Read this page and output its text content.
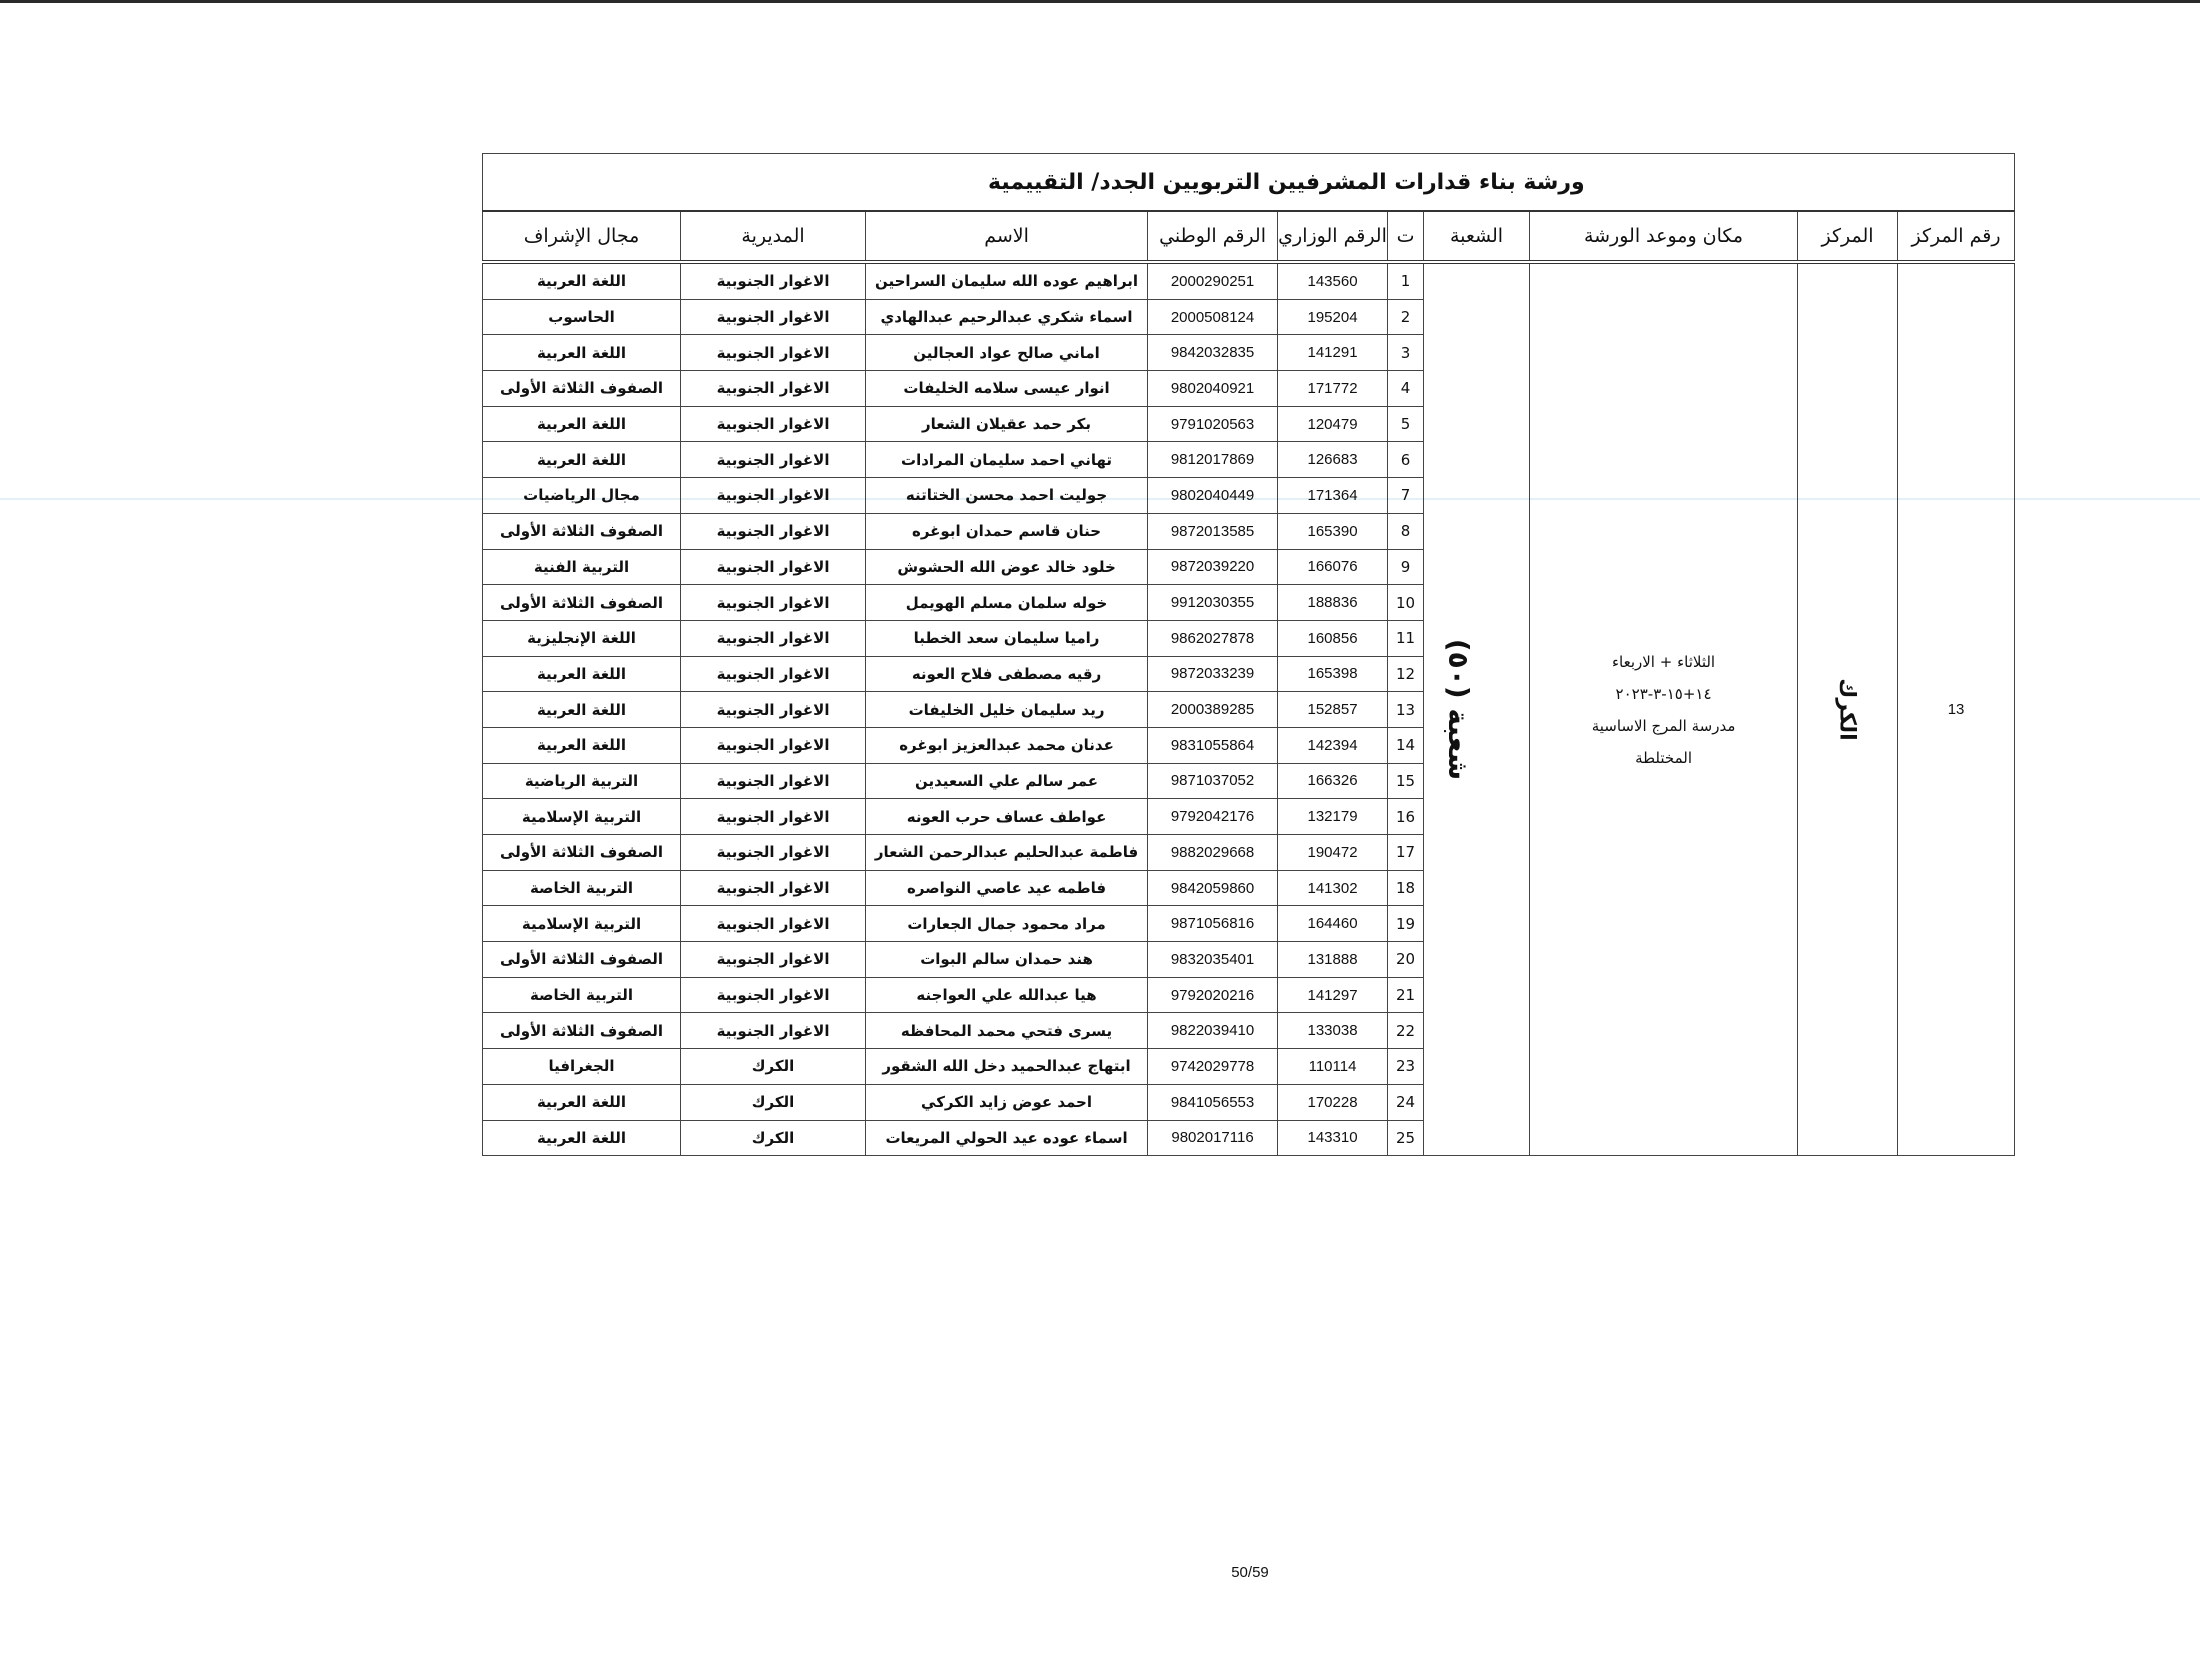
ورشة بناء قدارات المشرفيين التربويين الجدد/ التقييمية									
رقم المركز	المركز	مكان وموعد الورشة	الشعبة	ت	الرقم الوزاري	الرقم الوطني	الاسم	المديرية	مجال الإشراف
13	الكرك	الثلاثاء + الاربعاء
١٤+١٥-٣-٢٠٢٣
مدرسة المرج الاساسية
المختلطة	شعبة (٥٠)	1	143560	2000290251	ابراهيم عوده الله سليمان السراحين	الاغوار الجنوبية	اللغة العربية
				2	195204	2000508124	اسماء شكري عبدالرحيم عبدالهادي	الاغوار الجنوبية	الحاسوب
				3	141291	9842032835	اماني صالح عواد العجالين	الاغوار الجنوبية	اللغة العربية
				4	171772	9802040921	انوار عيسى سلامه الخليفات	الاغوار الجنوبية	الصفوف الثلاثة الأولى
				5	120479	9791020563	بكر حمد عقيلان الشعار	الاغوار الجنوبية	اللغة العربية
				6	126683	9812017869	تهاني احمد سليمان المرادات	الاغوار الجنوبية	اللغة العربية
				7	171364	9802040449	جوليت احمد محسن الختاتنه	الاغوار الجنوبية	مجال الرياضيات
				8	165390	9872013585	حنان قاسم حمدان ابوغره	الاغوار الجنوبية	الصفوف الثلاثة الأولى
				9	166076	9872039220	خلود خالد عوض الله الحشوش	الاغوار الجنوبية	التربية الفنية
				10	188836	9912030355	خوله سلمان مسلم الهويمل	الاغوار الجنوبية	الصفوف الثلاثة الأولى
				11	160856	9862027878	راميا سليمان سعد الخطبا	الاغوار الجنوبية	اللغة الإنجليزية
				12	165398	9872033239	رقيه مصطفى فلاح العونه	الاغوار الجنوبية	اللغة العربية
				13	152857	2000389285	ريد سليمان خليل الخليفات	الاغوار الجنوبية	اللغة العربية
				14	142394	9831055864	عدنان محمد عبدالعزيز ابوغره	الاغوار الجنوبية	اللغة العربية
				15	166326	9871037052	عمر سالم علي السعيدين	الاغوار الجنوبية	التربية الرياضية
				16	132179	9792042176	عواطف عساف حرب العونه	الاغوار الجنوبية	التربية الإسلامية
				17	190472	9882029668	فاطمة عبدالحليم عبدالرحمن الشعار	الاغوار الجنوبية	الصفوف الثلاثة الأولى
				18	141302	9842059860	فاطمه عيد عاصي النواصره	الاغوار الجنوبية	التربية الخاصة
				19	164460	9871056816	مراد محمود جمال الجعارات	الاغوار الجنوبية	التربية الإسلامية
				20	131888	9832035401	هند حمدان سالم البوات	الاغوار الجنوبية	الصفوف الثلاثة الأولى
				21	141297	9792020216	هيا عبدالله علي العواجنه	الاغوار الجنوبية	التربية الخاصة
				22	133038	9822039410	يسرى فتحي محمد المحافظه	الاغوار الجنوبية	الصفوف الثلاثة الأولى
				23	110114	9742029778	ابتهاج عبدالحميد دخل الله الشقور	الكرك	الجغرافيا
				24	170228	9841056553	احمد عوض زايد الكركي	الكرك	اللغة العربية
				25	143310	9802017116	اسماء عوده عيد الحولي المريعات	الكرك	اللغة العربية
50/59
